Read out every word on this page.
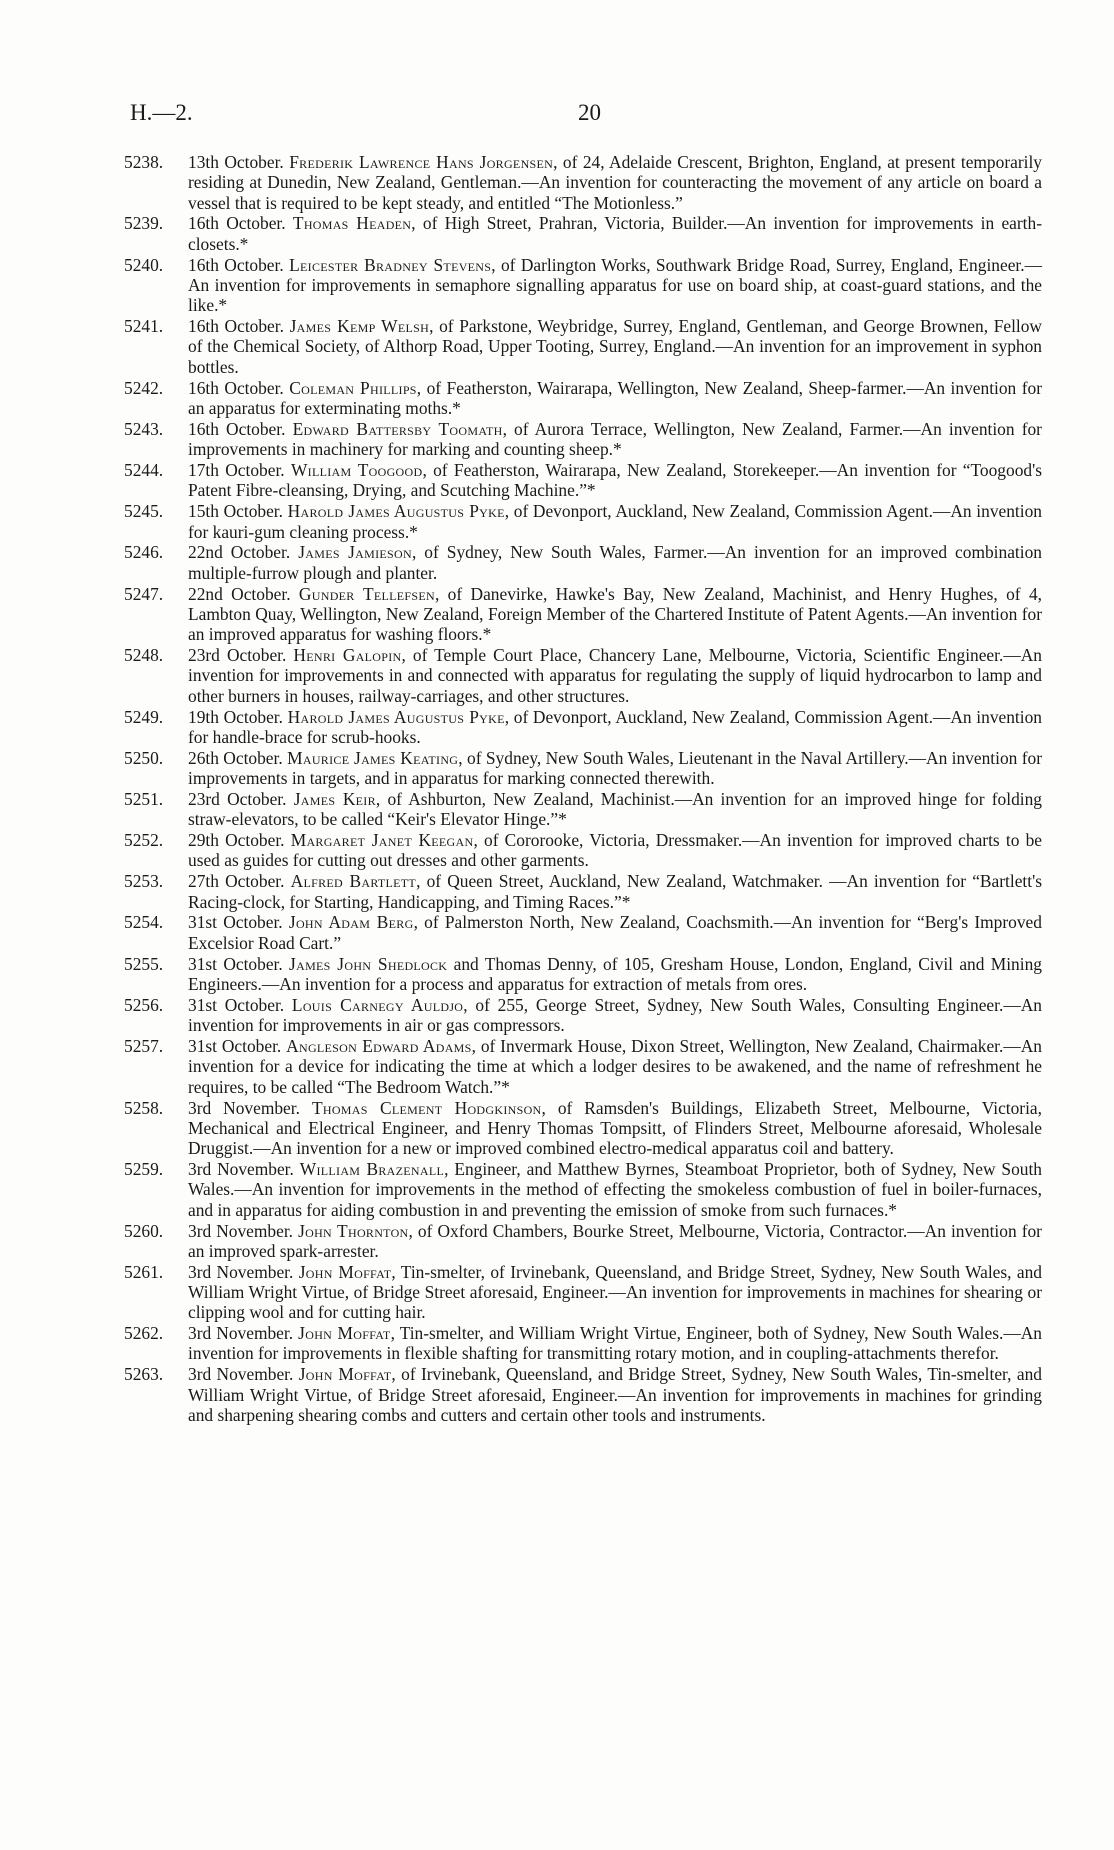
H.—2.	20
5238. 13th October. Frederik Lawrence Hans Jorgensen, of 24, Adelaide Crescent, Brighton, England, at present temporarily residing at Dunedin, New Zealand, Gentleman.—An invention for counteracting the movement of any article on board a vessel that is required to be kept steady, and entitled “The Motionless.”
5239. 16th October. Thomas Headen, of High Street, Prahran, Victoria, Builder.—An invention for improvements in earth-closets.*
5240. 16th October. Leicester Bradney Stevens, of Darlington Works, Southwark Bridge Road, Surrey, England, Engineer.—An invention for improvements in semaphore signalling apparatus for use on board ship, at coast-guard stations, and the like.*
5241. 16th October. James Kemp Welsh, of Parkstone, Weybridge, Surrey, England, Gentleman, and George Brownen, Fellow of the Chemical Society, of Althorp Road, Upper Tooting, Surrey, England.—An invention for an improvement in syphon bottles.
5242. 16th October. Coleman Phillips, of Featherston, Wairarapa, Wellington, New Zealand, Sheep-farmer.—An invention for an apparatus for exterminating moths.*
5243. 16th October. Edward Battersby Toomath, of Aurora Terrace, Wellington, New Zealand, Farmer.—An invention for improvements in machinery for marking and counting sheep.*
5244. 17th October. William Toogood, of Featherston, Wairarapa, New Zealand, Storekeeper.—An invention for “Toogood's Patent Fibre-cleansing, Drying, and Scutching Machine.”*
5245. 15th October. Harold James Augustus Pyke, of Devonport, Auckland, New Zealand, Commission Agent.—An invention for kauri-gum cleaning process.*
5246. 22nd October. James Jamieson, of Sydney, New South Wales, Farmer.—An invention for an improved combination multiple-furrow plough and planter.
5247. 22nd October. Gunder Tellefsen, of Danevirke, Hawke's Bay, New Zealand, Machinist, and Henry Hughes, of 4, Lambton Quay, Wellington, New Zealand, Foreign Member of the Chartered Institute of Patent Agents.—An invention for an improved apparatus for washing floors.*
5248. 23rd October. Henri Galopin, of Temple Court Place, Chancery Lane, Melbourne, Victoria, Scientific Engineer.—An invention for improvements in and connected with apparatus for regulating the supply of liquid hydrocarbon to lamp and other burners in houses, railway-carriages, and other structures.
5249. 19th October. Harold James Augustus Pyke, of Devonport, Auckland, New Zealand, Commission Agent.—An invention for handle-brace for scrub-hooks.
5250. 26th October. Maurice James Keating, of Sydney, New South Wales, Lieutenant in the Naval Artillery.—An invention for improvements in targets, and in apparatus for marking connected therewith.
5251. 23rd October. James Keir, of Ashburton, New Zealand, Machinist.—An invention for an improved hinge for folding straw-elevators, to be called “Keir's Elevator Hinge.”*
5252. 29th October. Margaret Janet Keegan, of Cororooke, Victoria, Dressmaker.—An invention for improved charts to be used as guides for cutting out dresses and other garments.
5253. 27th October. Alfred Bartlett, of Queen Street, Auckland, New Zealand, Watchmaker. —An invention for “Bartlett's Racing-clock, for Starting, Handicapping, and Timing Races.”*
5254. 31st October. John Adam Berg, of Palmerston North, New Zealand, Coachsmith.—An invention for “Berg's Improved Excelsior Road Cart.”
5255. 31st October. James John Shedlock and Thomas Denny, of 105, Gresham House, London, England, Civil and Mining Engineers.—An invention for a process and apparatus for extraction of metals from ores.
5256. 31st October. Louis Carnegy Auldjo, of 255, George Street, Sydney, New South Wales, Consulting Engineer.—An invention for improvements in air or gas compressors.
5257. 31st October. Angleson Edward Adams, of Invermark House, Dixon Street, Wellington, New Zealand, Chairmaker.—An invention for a device for indicating the time at which a lodger desires to be awakened, and the name of refreshment he requires, to be called “The Bedroom Watch.”*
5258. 3rd November. Thomas Clement Hodgkinson, of Ramsden's Buildings, Elizabeth Street, Melbourne, Victoria, Mechanical and Electrical Engineer, and Henry Thomas Tompsitt, of Flinders Street, Melbourne aforesaid, Wholesale Druggist.—An invention for a new or improved combined electro-medical apparatus coil and battery.
5259. 3rd November. William Brazenall, Engineer, and Matthew Byrnes, Steamboat Proprietor, both of Sydney, New South Wales.—An invention for improvements in the method of effecting the smokeless combustion of fuel in boiler-furnaces, and in apparatus for aiding combustion in and preventing the emission of smoke from such furnaces.*
5260. 3rd November. John Thornton, of Oxford Chambers, Bourke Street, Melbourne, Victoria, Contractor.—An invention for an improved spark-arrester.
5261. 3rd November. John Moffat, Tin-smelter, of Irvinebank, Queensland, and Bridge Street, Sydney, New South Wales, and William Wright Virtue, of Bridge Street aforesaid, Engineer.—An invention for improvements in machines for shearing or clipping wool and for cutting hair.
5262. 3rd November. John Moffat, Tin-smelter, and William Wright Virtue, Engineer, both of Sydney, New South Wales.—An invention for improvements in flexible shafting for transmitting rotary motion, and in coupling-attachments therefor.
5263. 3rd November. John Moffat, of Irvinebank, Queensland, and Bridge Street, Sydney, New South Wales, Tin-smelter, and William Wright Virtue, of Bridge Street aforesaid, Engineer.—An invention for improvements in machines for grinding and sharpening shearing combs and cutters and certain other tools and instruments.
